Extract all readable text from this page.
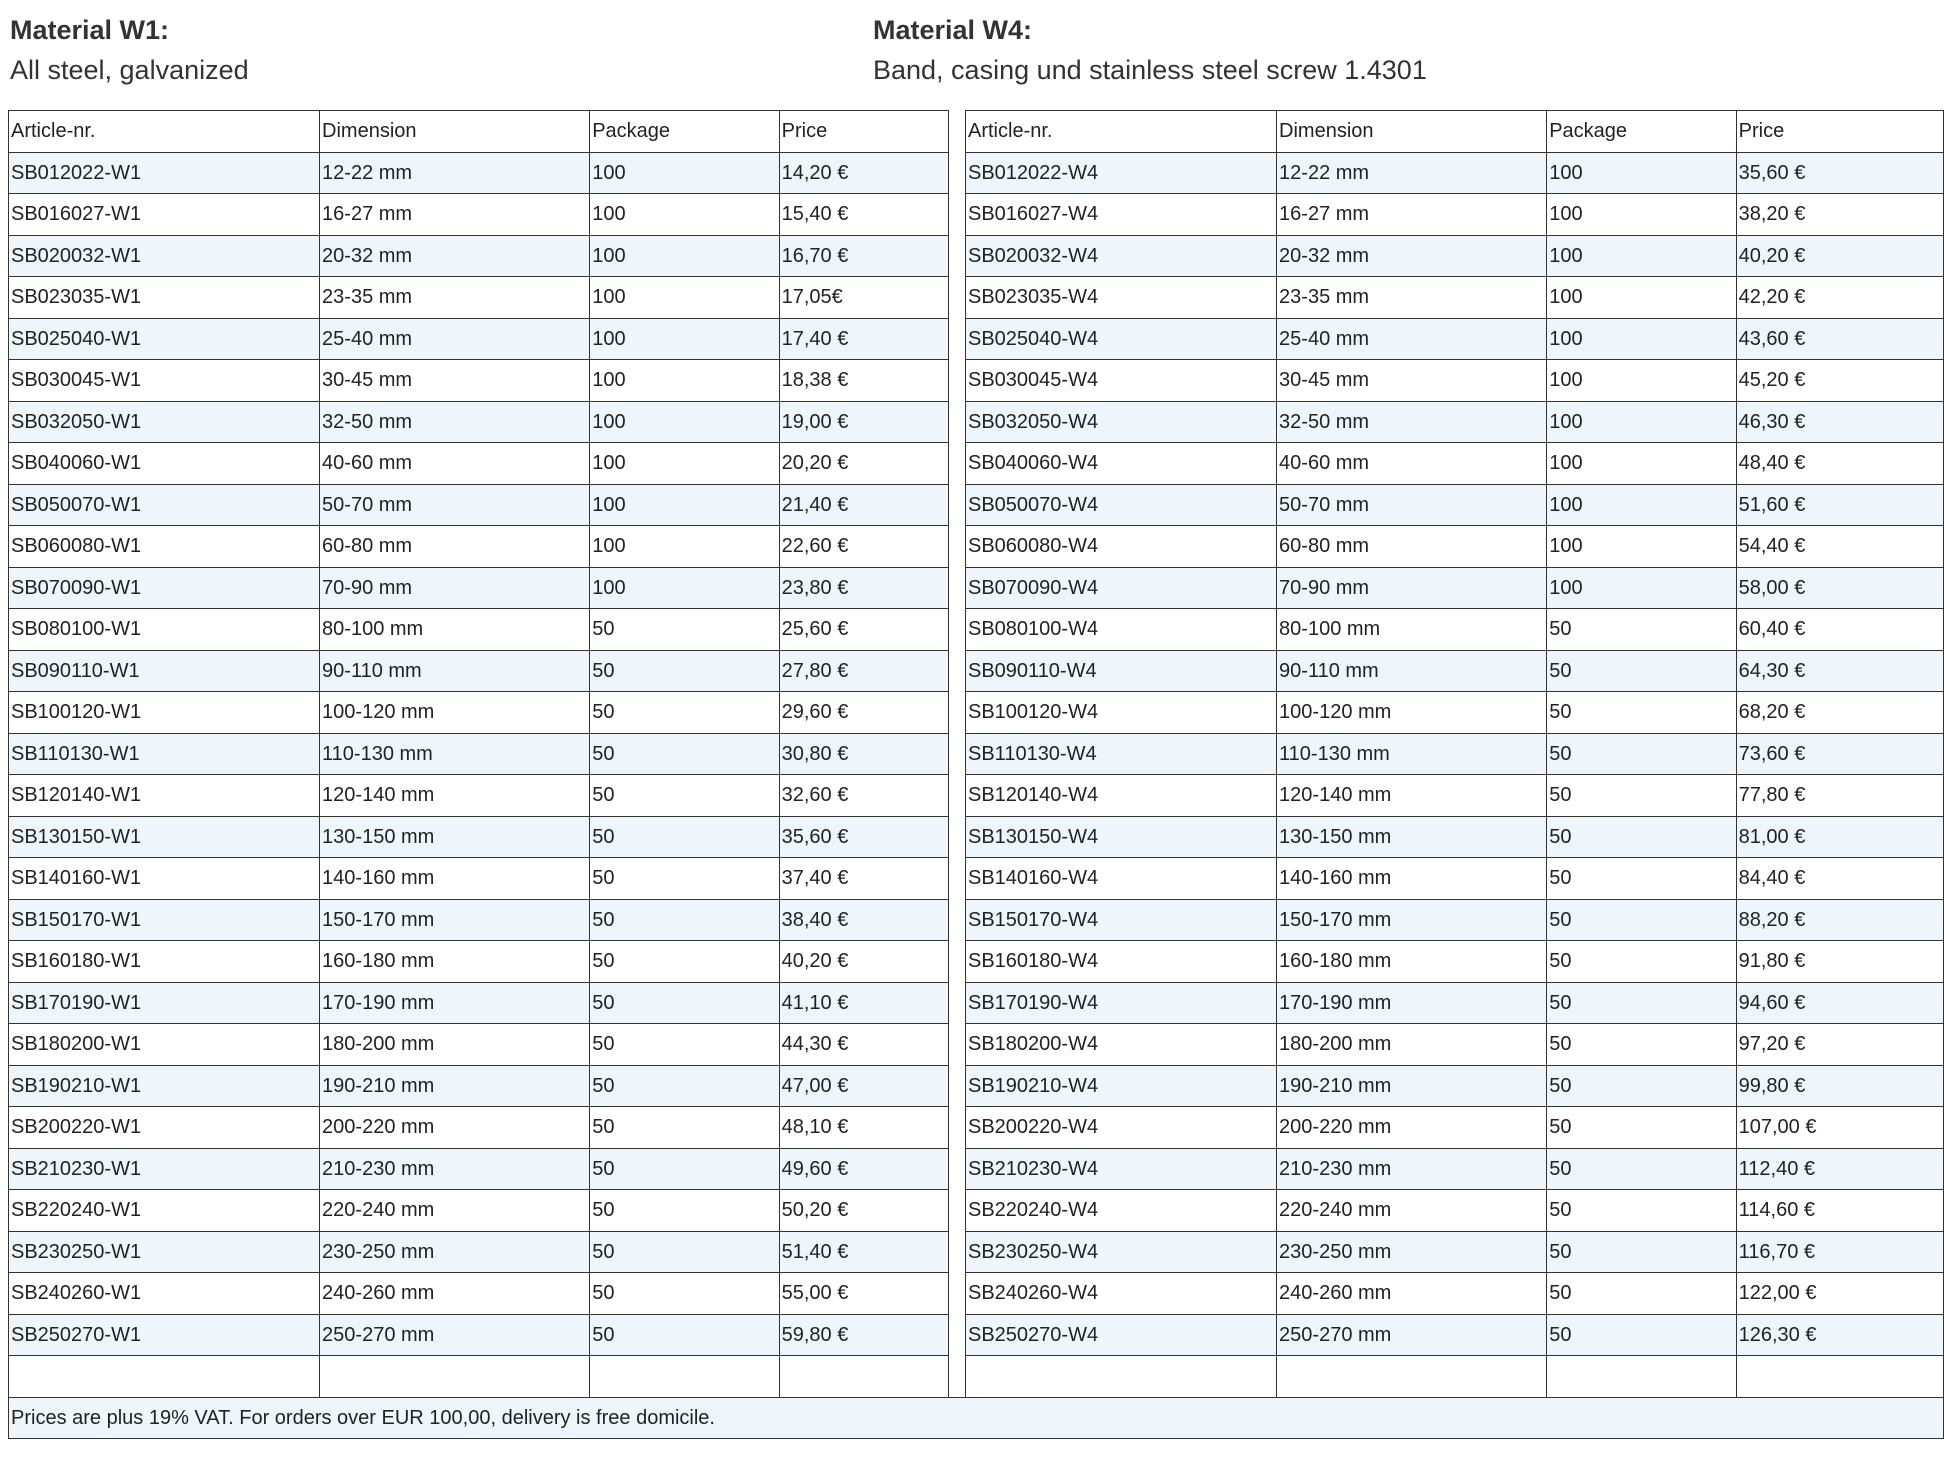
Material W1:
All steel, galvanized
Material W4:
Band, casing und stainless steel screw 1.4301
Article-nr.	Dimension	Package	Price		Article-nr.	Dimension	Package	Price
SB012022-W1	12-22 mm	100	14,20 €		SB012022-W4	12-22 mm	100	35,60 €
SB016027-W1	16-27 mm	100	15,40 €		SB016027-W4	16-27 mm	100	38,20 €
SB020032-W1	20-32 mm	100	16,70 €		SB020032-W4	20-32 mm	100	40,20 €
SB023035-W1	23-35 mm	100	17,05€		SB023035-W4	23-35 mm	100	42,20 €
SB025040-W1	25-40 mm	100	17,40 €		SB025040-W4	25-40 mm	100	43,60 €
SB030045-W1	30-45 mm	100	18,38 €		SB030045-W4	30-45 mm	100	45,20 €
SB032050-W1	32-50 mm	100	19,00 €		SB032050-W4	32-50 mm	100	46,30 €
SB040060-W1	40-60 mm	100	20,20 €		SB040060-W4	40-60 mm	100	48,40 €
SB050070-W1	50-70 mm	100	21,40 €		SB050070-W4	50-70 mm	100	51,60 €
SB060080-W1	60-80 mm	100	22,60 €		SB060080-W4	60-80 mm	100	54,40 €
SB070090-W1	70-90 mm	100	23,80 €		SB070090-W4	70-90 mm	100	58,00 €
SB080100-W1	80-100 mm	50	25,60 €		SB080100-W4	80-100 mm	50	60,40 €
SB090110-W1	90-110 mm	50	27,80 €		SB090110-W4	90-110 mm	50	64,30 €
SB100120-W1	100-120 mm	50	29,60 €		SB100120-W4	100-120 mm	50	68,20 €
SB110130-W1	110-130 mm	50	30,80 €		SB110130-W4	110-130 mm	50	73,60 €
SB120140-W1	120-140 mm	50	32,60 €		SB120140-W4	120-140 mm	50	77,80 €
SB130150-W1	130-150 mm	50	35,60 €		SB130150-W4	130-150 mm	50	81,00 €
SB140160-W1	140-160 mm	50	37,40 €		SB140160-W4	140-160 mm	50	84,40 €
SB150170-W1	150-170 mm	50	38,40 €		SB150170-W4	150-170 mm	50	88,20 €
SB160180-W1	160-180 mm	50	40,20 €		SB160180-W4	160-180 mm	50	91,80 €
SB170190-W1	170-190 mm	50	41,10 €		SB170190-W4	170-190 mm	50	94,60 €
SB180200-W1	180-200 mm	50	44,30 €		SB180200-W4	180-200 mm	50	97,20 €
SB190210-W1	190-210 mm	50	47,00 €		SB190210-W4	190-210 mm	50	99,80 €
SB200220-W1	200-220 mm	50	48,10 €		SB200220-W4	200-220 mm	50	107,00 €
SB210230-W1	210-230 mm	50	49,60 €		SB210230-W4	210-230 mm	50	112,40 €
SB220240-W1	220-240 mm	50	50,20 €		SB220240-W4	220-240 mm	50	114,60 €
SB230250-W1	230-250 mm	50	51,40 €		SB230250-W4	230-250 mm	50	116,70 €
SB240260-W1	240-260 mm	50	55,00 €		SB240260-W4	240-260 mm	50	122,00 €
SB250270-W1	250-270 mm	50	59,80 €		SB250270-W4	250-270 mm	50	126,30 €

Prices are plus 19% VAT. For orders over EUR 100,00, delivery is free domicile.								
